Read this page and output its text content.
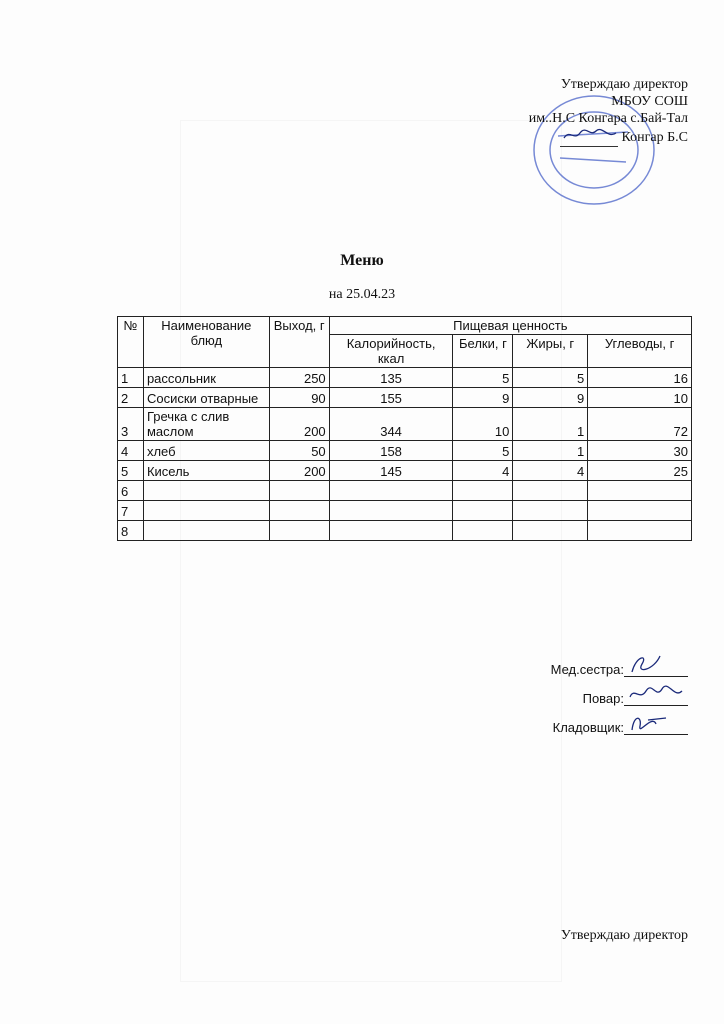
Утверждаю директор
МБОУ СОШ
им..Н.С Конгара с.Бай-Тал
Конгар Б.С
Меню
на 25.04.23
№	Наименование блюд	Выход, г	Пищевая ценность			
			Калорийность, ккал	Белки, г	Жиры, г	Углеводы, г
1	рассольник	250	135	5	5	16
2	Сосиски отварные	90	155	9	9	10
3	Гречка с слив маслом	200	344	10	1	72
4	хлеб	50	158	5	1	30
5	Кисель	200	145	4	4	25
6						
7						
8						
Мед.сестра:
Повар:
Кладовщик:
Утверждаю директор
